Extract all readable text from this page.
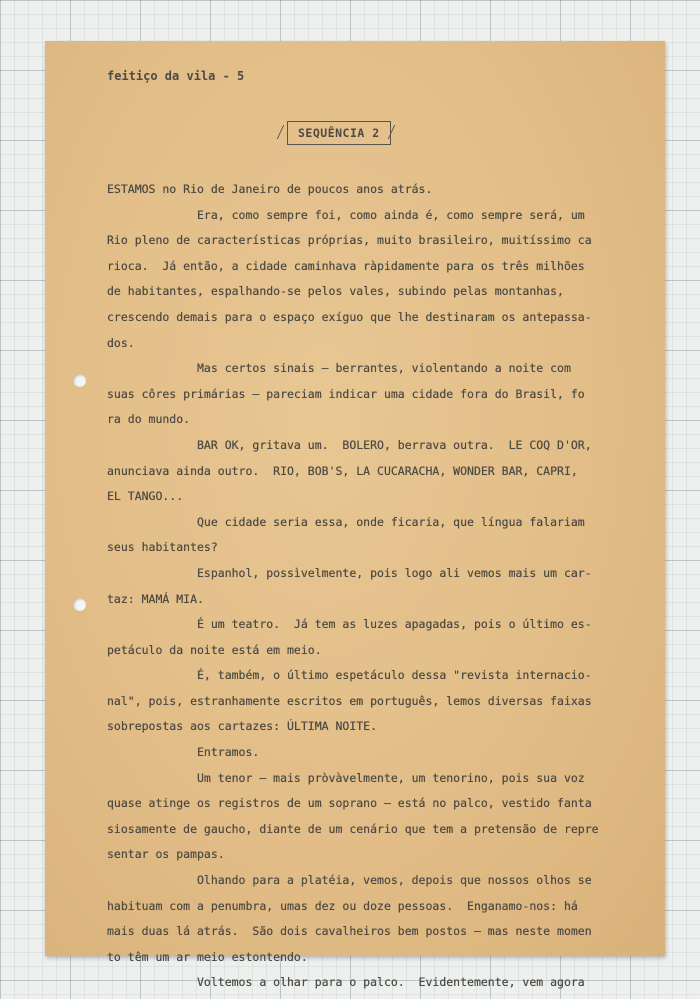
feitiço da vila - 5
SEQUÊNCIA 2
ESTAMOS no Rio de Janeiro de poucos anos atrás.
Era, como sempre foi, como ainda é, como sempre será, um
Rio pleno de características próprias, muito brasileiro, muitíssimo ca
rioca.  Já então, a cidade caminhava ràpidamente para os três milhões
de habitantes, espalhando-se pelos vales, subindo pelas montanhas,
crescendo demais para o espaço exíguo que lhe destinaram os antepassa-
dos.
Mas certos sinais — berrantes, violentando a noite com
suas côres primárias — pareciam indicar uma cidade fora do Brasil, fo
ra do mundo.
BAR OK, gritava um.  BOLERO, berrava outra.  LE COQ D'OR,
anunciava ainda outro.  RIO, BOB'S, LA CUCARACHA, WONDER BAR, CAPRI,
EL TANGO...
Que cidade seria essa, onde ficaria, que língua falariam
seus habitantes?
Espanhol, possìvelmente, pois logo ali vemos mais um car-
taz: MAMÁ MIA.
É um teatro.  Já tem as luzes apagadas, pois o último es-
petáculo da noite está em meio.
É, também, o último espetáculo dessa "revista internacio-
nal", pois, estranhamente escritos em português, lemos diversas faixas
sobrepostas aos cartazes: ÚLTIMA NOITE.
Entramos.
Um tenor — mais pròvàvelmente, um tenorino, pois sua voz
quase atinge os registros de um soprano — está no palco, vestido fanta
siosamente de gaucho, diante de um cenário que tem a pretensão de repre
sentar os pampas.
Olhando para a platéia, vemos, depois que nossos olhos se
habituam com a penumbra, umas dez ou doze pessoas.  Enganamo-nos: há
mais duas lá atrás.  São dois cavalheiros bem postos — mas neste momen
to têm um ar meio estontendo.
Voltemos a olhar para o palco.  Evidentemente, vem agora
